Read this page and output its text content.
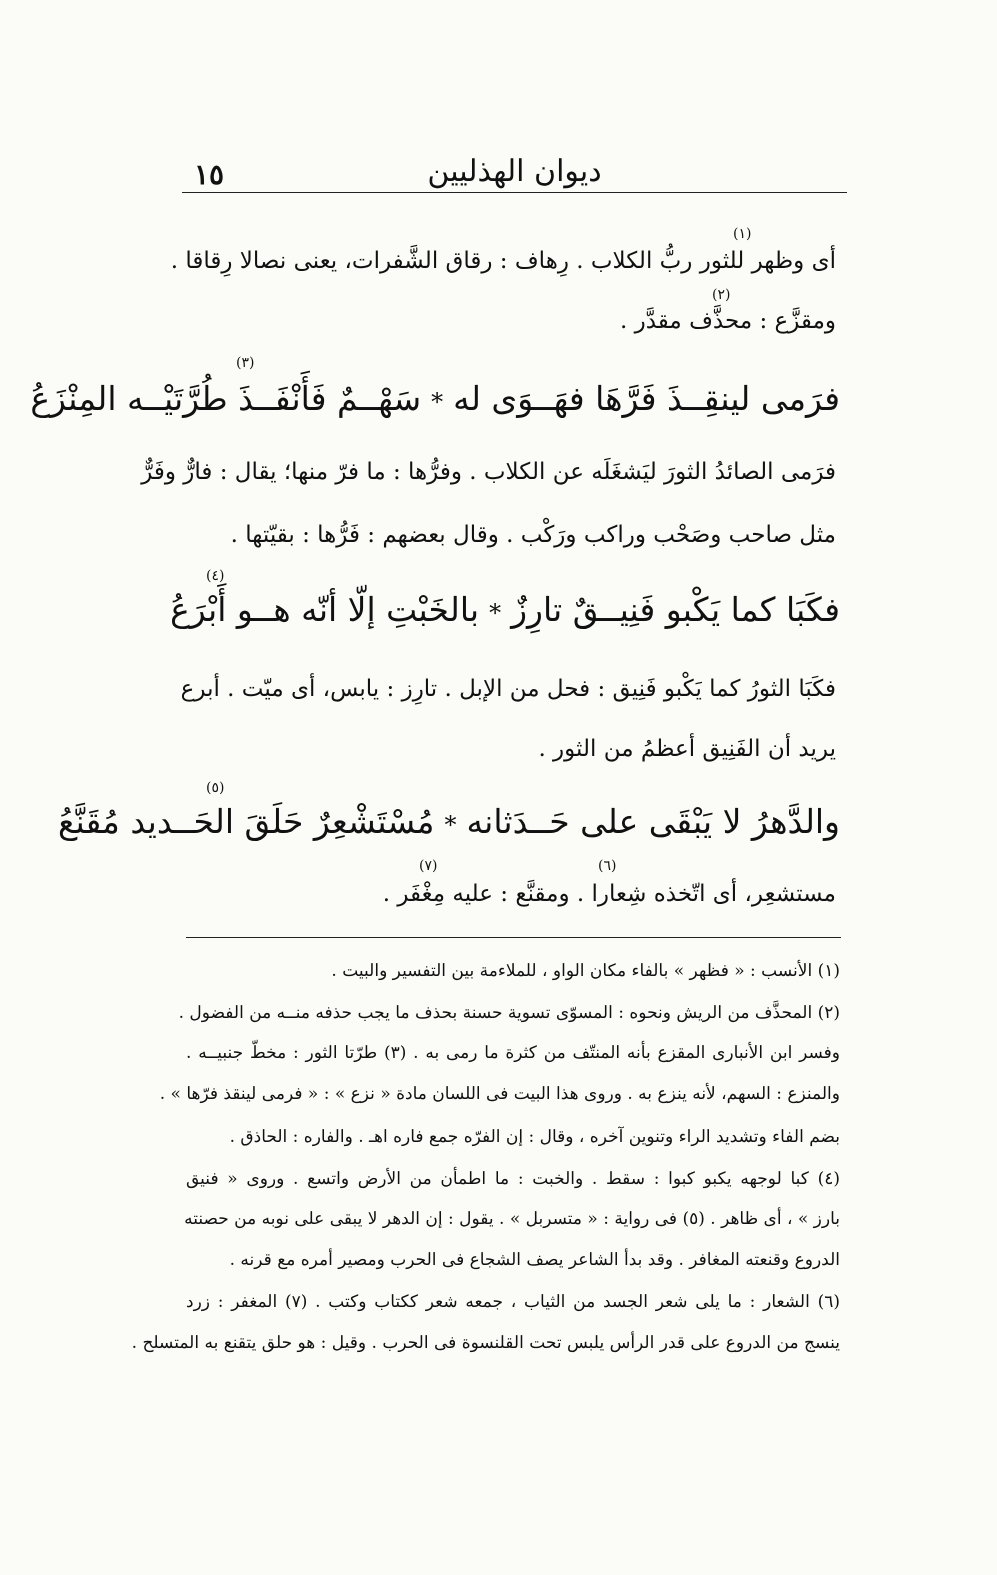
١٥	ديوان الهذليين
(١)
أى وظهر للثور ربُّ الكلاب . رِهاف : رقاق الشَّفرات، يعنى نصالا رِقاقا .
(٢)
ومقزَّع : محذَّف مقدَّر .
(٣)
فرَمى لينقِــذَ فَرَّهَا فهَــوَى له
*
سَهْــمٌ فَأَنْفَــذَ طُرَّتَيْــه المِنْزَعُ
فرَمى الصائدُ الثورَ ليَشغَلَه عن الكلاب . وفرُّها : ما فرّ منها؛ يقال : فارٌّ وفَرٌّ
مثل صاحب وصَحْب وراكب ورَكْب . وقال بعضهم : فَرُّها : بقيّتها .
(٤)
فكَبَا كما يَكْبو فَنِيــقٌ تارِزٌ
*
بالخَبْتِ إلّا أنّه هــو أَبْرَعُ
فكَبَا الثورُ كما يَكْبو فَنِيق : فحل من الإبل . تارِز : يابس، أى ميّت . أبرع
يريد أن الفَنِيق أعظمُ من الثور .
(٥)
والدَّهرُ لا يَبْقَى على حَــدَثانه
*
مُسْتَشْعِرٌ حَلَقَ الحَــديد مُقَنَّعُ
(٦)
(٧)
مستشعِر، أى اتّخذه شِعارا . ومقنَّع : عليه مِغْفَر .
(١) الأنسب : « فظهر » بالفاء مكان الواو ، للملاءمة بين التفسير والبيت .
(٢) المحذَّف من الريش ونحوه : المسوّى تسوية حسنة بحذف ما يجب حذفه منــه من الفضول .
وفسر ابن الأنبارى المقزع بأنه المنتّف من كثرة ما رمى به . (٣) طرّتا الثور : مخطّ جنبيــه .
والمنزع : السهم، لأنه ينزع به . وروى هذا البيت فى اللسان مادة « نزع » : « فرمى لينقذ فرّها » .
بضم الفاء وتشديد الراء وتنوين آخره ، وقال : إن الفرّه جمع فاره اهـ . والفاره : الحاذق .
(٤) كبا لوجهه يكبو كبوا : سقط . والخبت : ما اطمأن من الأرض واتسع . وروى « فنيق
بارز » ، أى ظاهر . (٥) فى رواية : « متسربل » . يقول : إن الدهر لا يبقى على نوبه من حصنته
الدروع وقنعته المغافر . وقد بدأ الشاعر يصف الشجاع فى الحرب ومصير أمره مع قرنه .
(٦) الشعار : ما يلى شعر الجسد من الثياب ، جمعه شعر ككتاب وكتب . (٧) المغفر : زرد
ينسج من الدروع على قدر الرأس يلبس تحت القلنسوة فى الحرب . وقيل : هو حلق يتقنع به المتسلح .
